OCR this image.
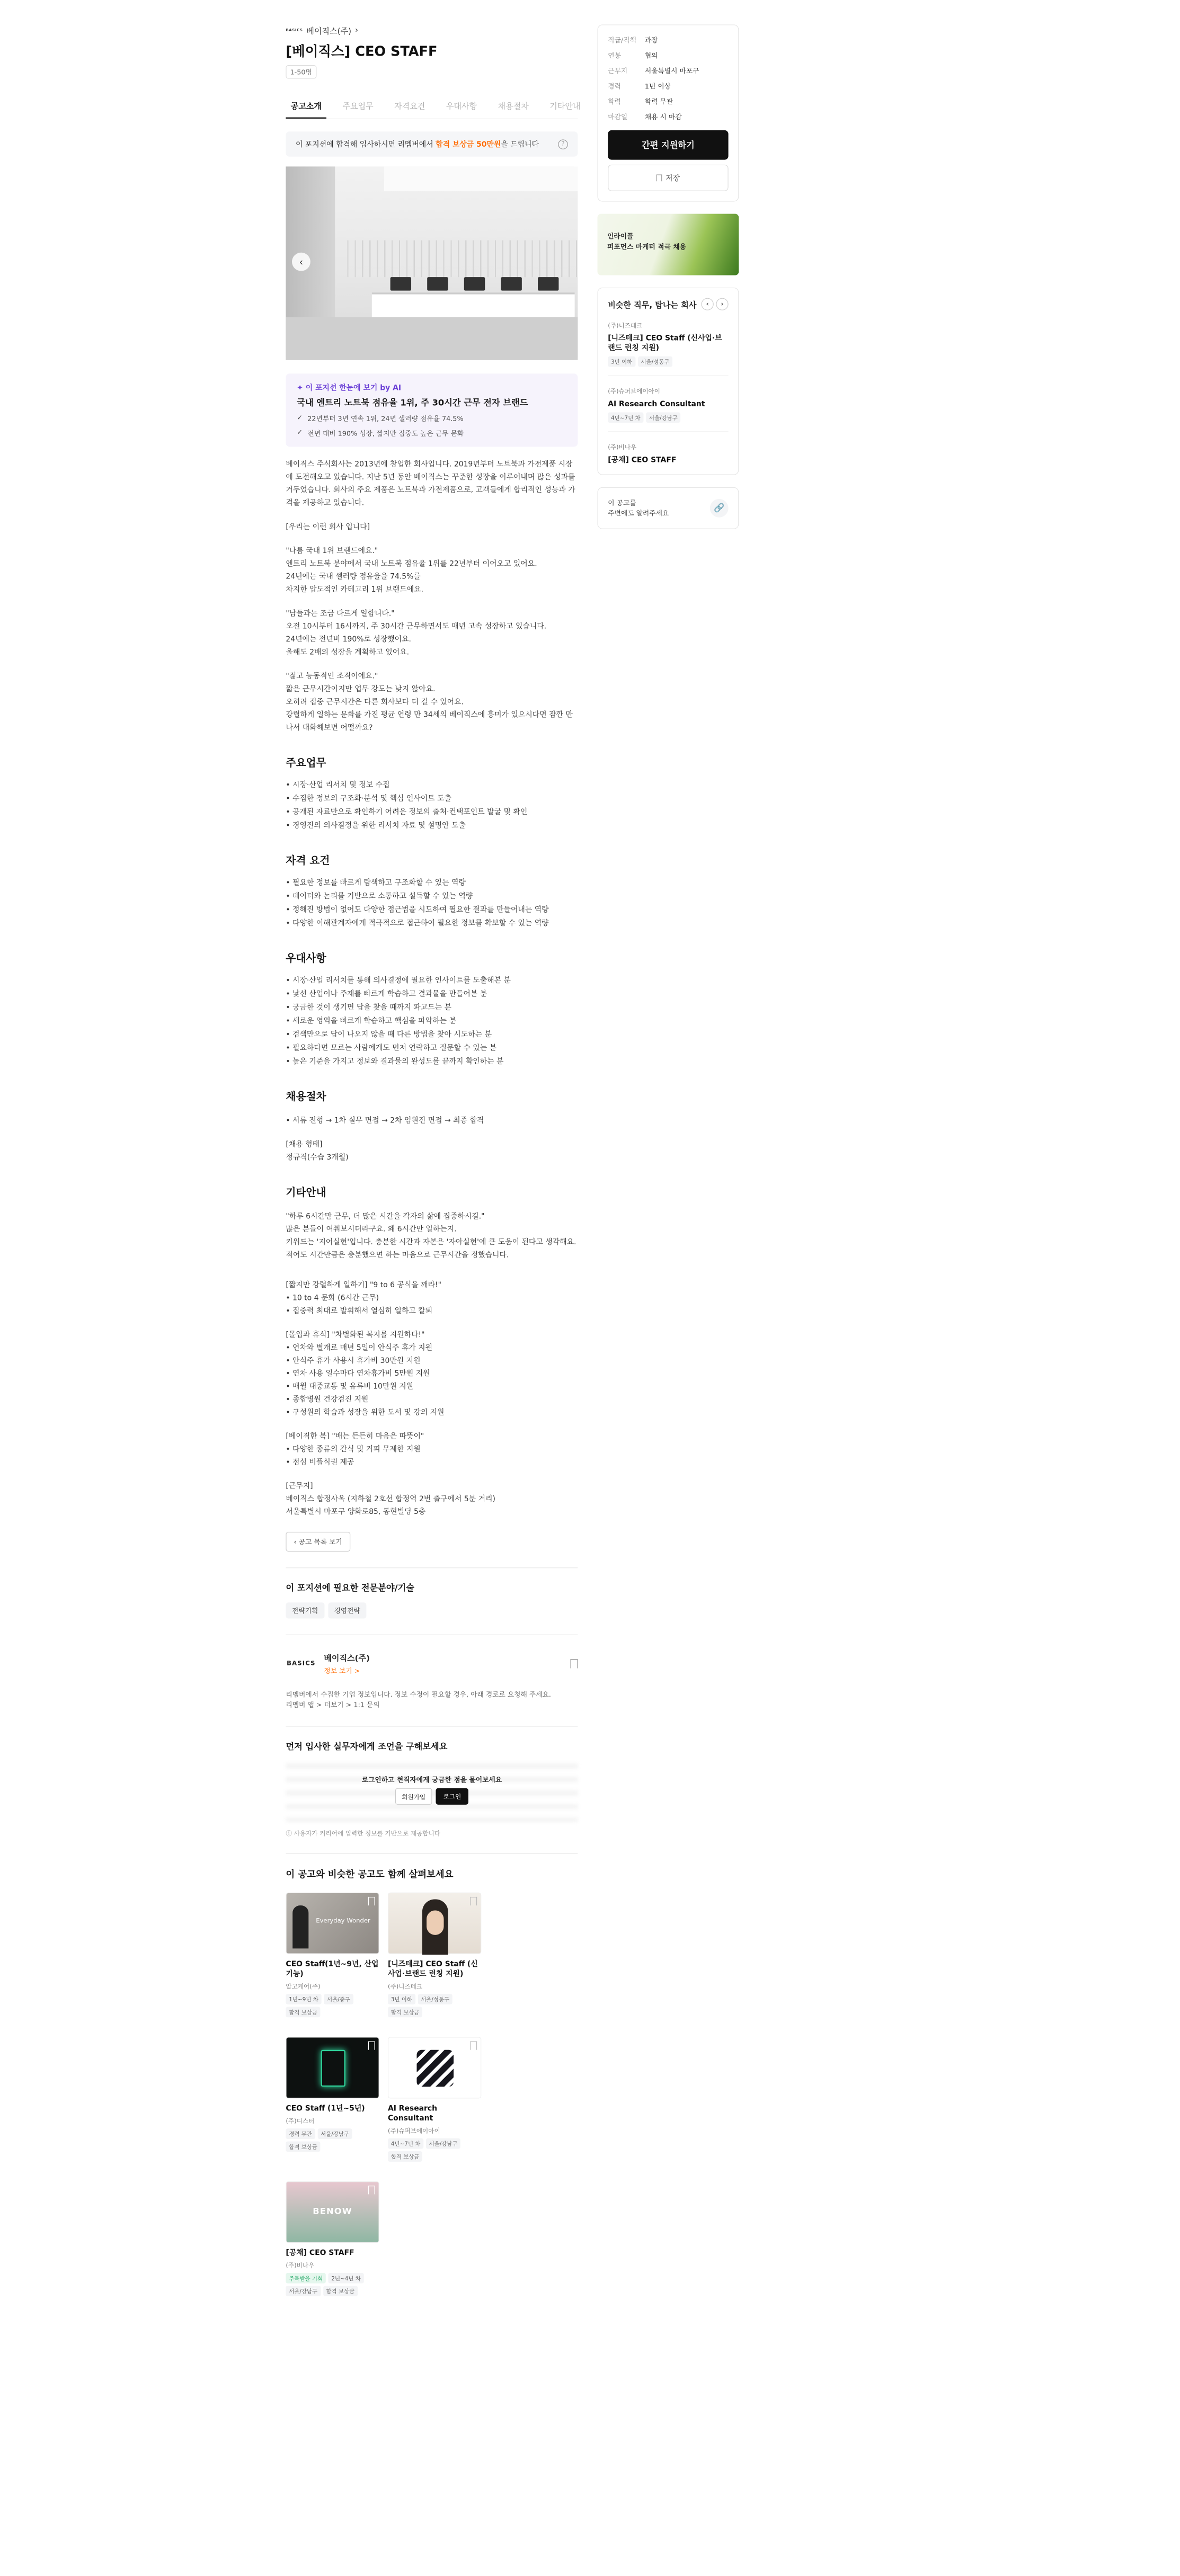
BASICS 베이직스(주) ›
[베이직스] CEO STAFF
1-50명
공고소개	주요업무	자격요건	우대사항	채용절차	기타안내
이 포지션에 합격해 입사하시면 리멤버에서 합격 보상금 50만원을 드립니다	?
‹
✦ 이 포지션 한눈에 보기 by AI
국내 엔트리 노트북 점유율 1위, 주 30시간 근무 전자 브랜드
✓ 22년부터 3년 연속 1위, 24년 셀러량 점유율 74.5%
✓ 전년 대비 190% 성장, 짧지만 집중도 높은 근무 문화

베이직스 주식회사는 2013년에 창업한 회사입니다. 2019년부터 노트북과 가전제품 시장에 도전해오고 있습니다. 지난 5년 동안 베이직스는 꾸준한 성장을 이루어내며 많은 성과를 거두었습니다. 회사의 주요 제품은 노트북과 가전제품으로, 고객들에게 합리적인 성능과 가격을 제공하고 있습니다.

[우리는 이런 회사 입니다]

"나름 국내 1위 브랜드에요."
엔트리 노트북 분야에서 국내 노트북 점유율 1위를 22년부터 이어오고 있어요.
24년에는 국내 셀러량 점유율을 74.5%를
차지한 압도적인 카테고리 1위 브랜드에요.

"남들과는 조금 다르게 일합니다."
오전 10시부터 16시까지, 주 30시간 근무하면서도 매년 고속 성장하고 있습니다.
24년에는 전년비 190%로 성장했어요.
올해도 2배의 성장을 계획하고 있어요.

"젊고 능동적인 조직이에요."
짧은 근무시간이지만 업무 강도는 낮지 않아요.
오히려 집중 근무시간은 다른 회사보다 더 길 수 있어요.
강렬하게 일하는 문화를 가진 평균 연령 만 34세의 베이직스에 흥미가 있으시다면 잠깐 만나서 대화해보면 어떨까요?

주요업무
• 시장·산업 리서치 및 정보 수집
• 수집한 정보의 구조화·분석 및 핵심 인사이트 도출
• 공개된 자료만으로 확인하기 어려운 정보의 출처·컨택포인트 발굴 및 확인
• 경영진의 의사결정을 위한 리서치 자료 및 설명안 도출
자격 요건
• 필요한 정보를 빠르게 탐색하고 구조화할 수 있는 역량
• 데이터와 논리를 기반으로 소통하고 설득할 수 있는 역량
• 정해진 방법이 없어도 다양한 접근법을 시도하여 필요한 결과를 만들어내는 역량
• 다양한 이해관계자에게 적극적으로 접근하여 필요한 정보를 확보할 수 있는 역량
우대사항
• 시장·산업 리서치를 통해 의사결정에 필요한 인사이트를 도출해본 분
• 낯선 산업이나 주제를 빠르게 학습하고 결과물을 만들어본 분
• 궁금한 것이 생기면 답을 찾을 때까지 파고드는 분
• 새로운 영역을 빠르게 학습하고 핵심을 파악하는 분
• 검색만으로 답이 나오지 않을 때 다른 방법을 찾아 시도하는 분
• 필요하다면 모르는 사람에게도 먼저 연락하고 질문할 수 있는 분
• 높은 기준을 가지고 정보와 결과물의 완성도를 끝까지 확인하는 분
채용절차

• 서류 전형 → 1차 실무 면접 → 2차 임원진 면접 → 최종 합격

[채용 형태]
정규직(수습 3개월)

기타안내

"하루 6시간만 근무, 더 많은 시간을 각자의 삶에 집중하시길."
많은 분들이 여쭤보시더라구요. 왜 6시간만 일하는지.
키워드는 '지어실현'입니다. 충분한 시간과 자본은 '자아실현'에 큰 도움이 된다고 생각해요. 적어도 시간만큼은 충분했으면 하는 마음으로 근무시간을 정했습니다.

[짧지만 강렬하게 일하기] "9 to 6 공식을 깨라!"
• 10 to 4 문화 (6시간 근무)
• 집중력 최대로 발휘해서 열심히 일하고 칼퇴

[몰입과 휴식] "차별화된 복지를 지원하다!"
• 연차와 별개로 매년 5일이 안식주 휴가 지원
• 안식주 휴가 사용시 휴가비 30만원 지원
• 연차 사용 일수마다 연차휴가비 5만원 지원
• 매월 대중교통 및 유류비 10만원 지원
• 종합병원 건강검진 지원
• 구성원의 학습과 성장을 위한 도서 및 강의 지원

[베이직한 복] "배는 든든히 마음은 따뜻이"
• 다양한 종류의 간식 및 커피 무제한 지원
• 점심 비플식권 제공

[근무지]
베이직스 합정사옥 (지하철 2호선 합정역 2번 출구에서 5분 거리)
서울특별시 마포구 양화로85, 동현빌딩 5층

‹ 공고 목록 보기
이 포지션에 필요한 전문분야/기술
전략기획	경영전략
BASICS
베이직스(주)
정보 보기 >

리멤버에서 수집한 기업 정보입니다. 정보 수정이 필요할 경우, 아래 경로로 요청해 주세요.
리멤버 앱 > 더보기 > 1:1 문의

먼저 입사한 실무자에게 조언을 구해보세요
로그인하고 현직자에게 궁금한 점을 물어보세요
회원가입	로그인

ⓘ 사용자가 커리어에 입력한 정보를 기반으로 제공합니다

이 공고와 비슷한 공고도 함께 살펴보세요
Everyday Wonder
CEO Staff(1년~9년, 산업기능)
알고케어(주)
1년~9년 차	서울/중구
합격 보상금
[니즈테크] CEO Staff (신사업·브랜드 런칭 지원)
(주)니즈테크
3년 이하	서울/성동구
합격 보상금
CEO Staff (1년~5년)
(주)디스터
경력 무관	서울/강남구
합격 보상금
AI Research Consultant
(주)슈퍼브에이아이
4년~7년 차	서울/강남구
합격 보상금
BENOW
[공채] CEO STAFF
(주)비나우
주목받을 기회	2년~4년 차
서울/강남구	합격 보상금
직급/직책	과장
연봉	협의
근무지	서울특별시 마포구
경력	1년 이상
학력	학력 무관
마감일	채용 시 마감
간편 지원하기
저장
인라이플
퍼포먼스 마케터 적극 채용
비슷한 직무, 탐나는 회사	‹	›
(주)니즈테크
[니즈테크] CEO Staff (신사업·브랜드 런칭 지원)
3년 이하	서울/성동구
(주)슈퍼브에이아이
AI Research Consultant
4년~7년 차	서울/강남구
(주)비나우
[공채] CEO STAFF
이 공고를
주변에도 알려주세요
🔗
